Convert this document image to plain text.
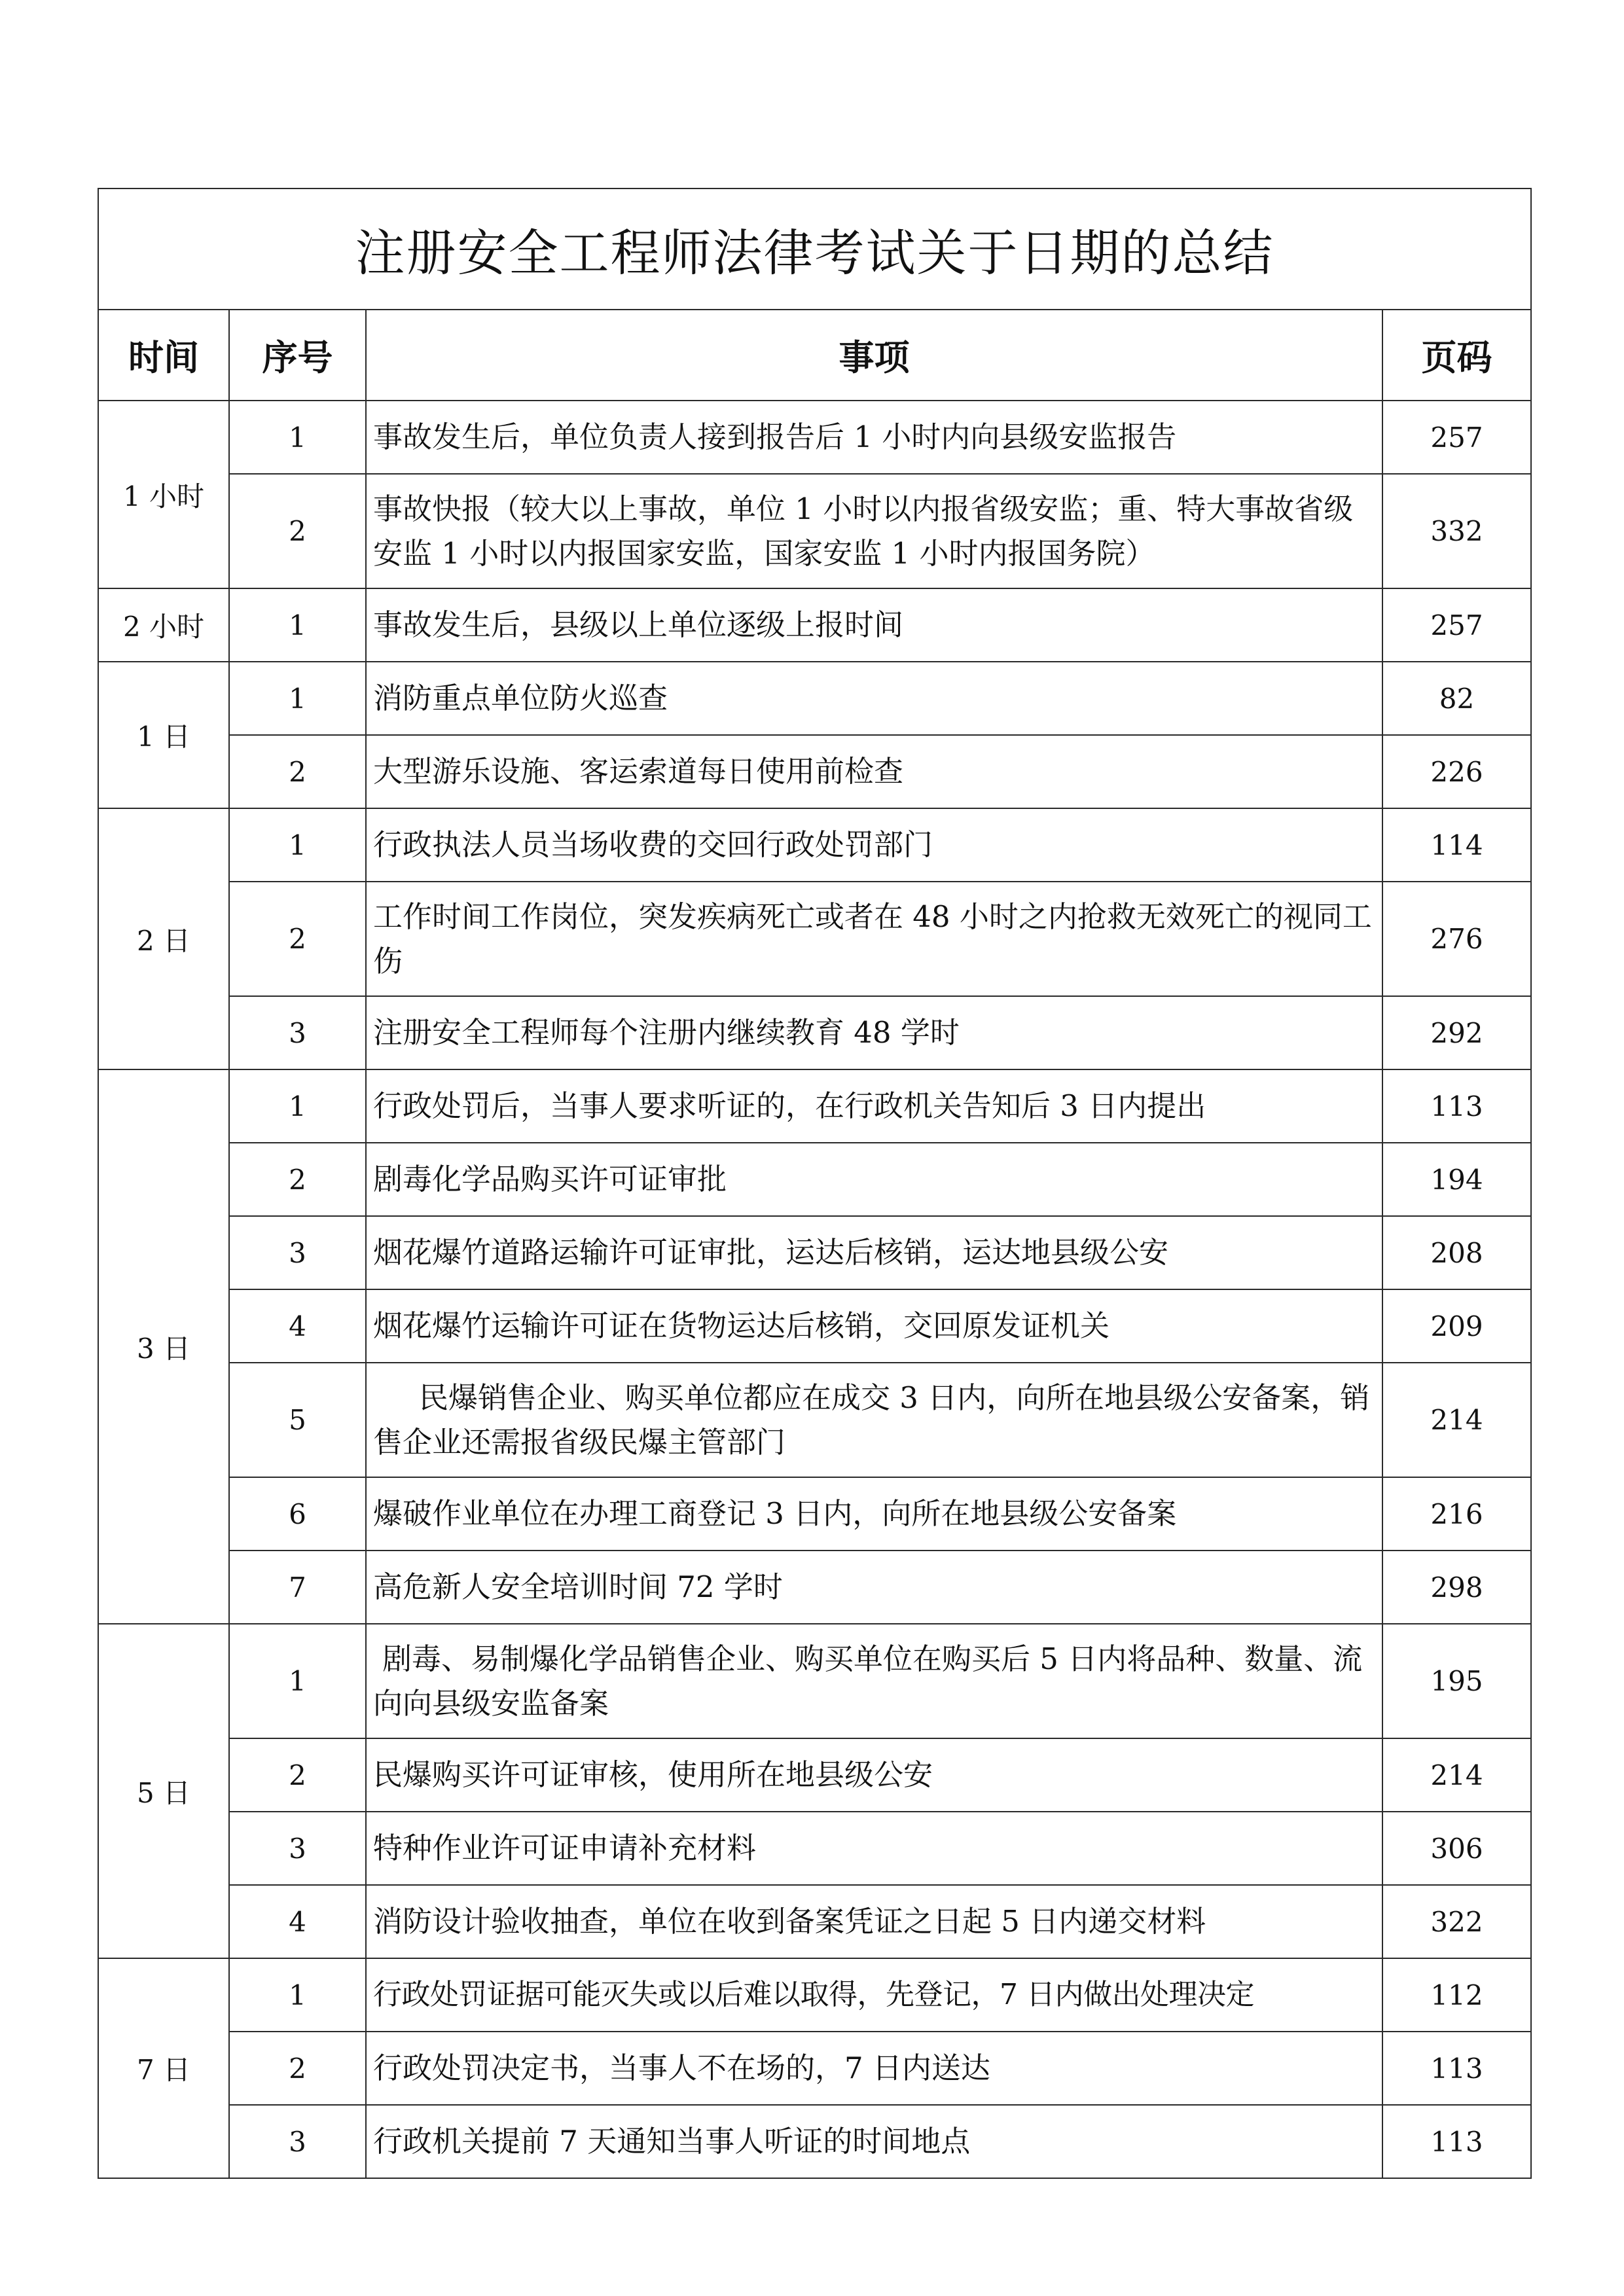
注册安全工程师法律考试关于日期的总结			
时间	序号	事项	页码
1 小时	1	事故发生后，单位负责人接到报告后 1 小时内向县级安监报告	257
	2	事故快报（较大以上事故，单位 1 小时以内报省级安监；重、特大事故省级安监 1 小时以内报国家安监，国家安监 1 小时内报国务院）	332
2 小时	1	事故发生后，县级以上单位逐级上报时间	257
1 日	1	消防重点单位防火巡查	82
	2	大型游乐设施、客运索道每日使用前检查	226
2 日	1	行政执法人员当场收费的交回行政处罚部门	114
	2	工作时间工作岗位，突发疾病死亡或者在 48 小时之内抢救无效死亡的视同工伤	276
	3	注册安全工程师每个注册内继续教育 48 学时	292
3 日	1	行政处罚后，当事人要求听证的，在行政机关告知后 3 日内提出	113
	2	剧毒化学品购买许可证审批	194
	3	烟花爆竹道路运输许可证审批，运达后核销，运达地县级公安	208
	4	烟花爆竹运输许可证在货物运达后核销，交回原发证机关	209
	5	民爆销售企业、购买单位都应在成交 3 日内，向所在地县级公安备案，销售企业还需报省级民爆主管部门	214
	6	爆破作业单位在办理工商登记 3 日内，向所在地县级公安备案	216
	7	高危新人安全培训时间 72 学时	298
5 日	1	剧毒、易制爆化学品销售企业、购买单位在购买后 5 日内将品种、数量、流向向县级安监备案	195
	2	民爆购买许可证审核，使用所在地县级公安	214
	3	特种作业许可证申请补充材料	306
	4	消防设计验收抽查，单位在收到备案凭证之日起 5 日内递交材料	322
7 日	1	行政处罚证据可能灭失或以后难以取得，先登记，7 日内做出处理决定	112
	2	行政处罚决定书，当事人不在场的，7 日内送达	113
	3	行政机关提前 7 天通知当事人听证的时间地点	113
